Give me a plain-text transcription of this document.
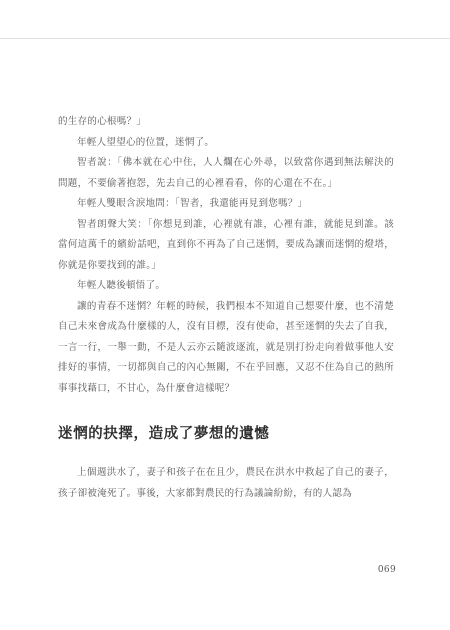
的生存的心根嗎？」

年輕人望望心的位置，迷惘了。

智者說：「佛本就在心中住，人人爛在心外尋，以致當你遇到無法解決的問題，不要偷著抱怨，先去自己的心裡看看，你的心還在不在。」

年輕人雙眼含淚地問：「智者，我還能再見到您嗎？」

智者朗聲大笑：「你想見到誰，心裡就有誰，心裡有誰，就能見到誰。該當何這萬千的繽紛話吧，直到你不再為了自己迷惘，要成為讓而迷惘的燈塔，你就是你要找到的誰。」

年輕人聽後頓悟了。

讓的青春不迷惘？年輕的時候，我們根本不知道自己想要什麼，也不清楚自己未來會成為什麼樣的人，沒有目標，沒有使命，甚至迷惘的失去了自我，一言一行，一舉一動，不是人云亦云隨波逐流，就是別打扮走向着做事他人安排好的事情，一切都與自己的內心無關，不在乎回應，又忍不住為自己的熱所事事找藉口，不甘心，為什麼會這樣呢？

迷惘的抉擇，造成了夢想的遺憾

上個週洪水了，妻子和孩子在在且少，農民在洪水中救起了自己的妻子，孩子卻被淹死了。事後，大家都對農民的行為議論紛紛，有的人認為

069
